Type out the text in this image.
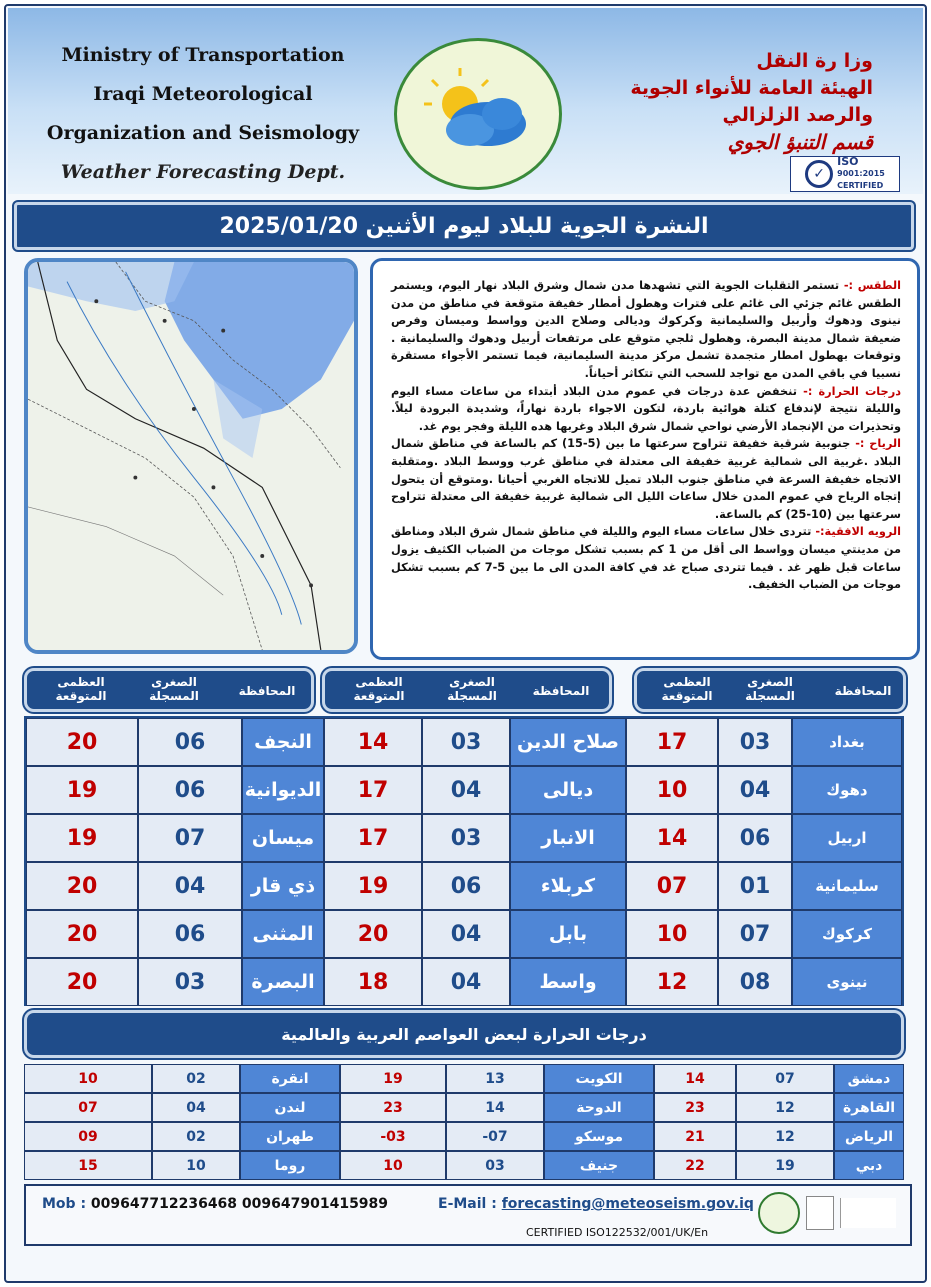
Ministry of Transportation
Iraqi Meteorological
Organization and Seismology
Weather Forecasting Dept.
وزا رة النقل
الهيئة العامة للأنواء الجوية
والرصد الزلزالي
قسم التنبؤ الجوي
✓
ISO
9001:2015
CERTIFIED
النشرة الجوية للبلاد ليوم الأثنين 2025/01/20

الطقس :- تستمر التقلبات الجوية التي تشهدها مدن شمال وشرق البلاد نهار اليوم، ويستمر الطقس غائم جزئي الى غائم على فترات وهطول أمطار خفيفة متوقعة في مناطق من مدن نينوى ودهوك وأربيل والسليمانية وكركوك وديالى وصلاح الدين وواسط وميسان وفرص ضعيفة شمال مدينة البصرة. وهطول ثلجي متوقع على مرتفعات أربيل ودهوك والسليمانية . وتوقعات بهطول امطار متجمدة تشمل مركز مدينة السليمانية، فيما تستمر الأجواء مستقرة نسبيا في باقي المدن مع تواجد للسحب التي تتكاثر أحياناً.

درجات الحرارة :- تنخفض عدة درجات في عموم مدن البلاد أبتداء من ساعات مساء اليوم والليلة نتيجة لإندفاع كتلة هوائية باردة، لتكون الاجواء باردة نهاراً، وشديدة البرودة ليلاً. وتحذيرات من الإنجماد الأرضي نواحي شمال شرق البلاد وغربها هده الليلة وفجر يوم غد.

الرياح :- جنوبية شرقية خفيفة تتراوح سرعتها ما بين (5-15) كم بالساعة في مناطق شمال البلاد .غربية الى شمالية غربية خفيفة الى معتدلة في مناطق غرب ووسط البلاد .ومتقلبة الاتجاه خفيفة السرعة في مناطق جنوب البلاد تميل للاتجاه الغربي أحيانا .ومتوقع أن يتحول إتجاه الرياح في عموم المدن خلال ساعات الليل الى شمالية غربية خفيفة الى معتدلة تتراوح سرعتها بين (10-25) كم بالساعة.

الرويه الافقية:- تتردى خلال ساعات مساء اليوم والليلة في مناطق شمال شرق البلاد ومناطق من مدينتي ميسان وواسط الى أقل من 1 كم بسبب تشكل موجات من الضباب الكثيف يزول ساعات قبل ظهر غد . فيما تتردى صباح غد في كافة المدن الى ما بين 5-7 كم بسبب تشكل موجات من الضباب الخفيف.

المحافظة
الصغرى المسجلة
العظمى المتوقعة	المحافظة
الصغرى المسجلة
العظمى المتوقعة	المحافظة
الصغرى المسجلة
العظمى المتوقعة
20	06	النجف
19	06	الديوانية
19	07	ميسان
20	04	ذي قار
20	06	المثنى
20	03	البصرة
14	03	صلاح الدين
17	04	ديالى
17	03	الانبار
19	06	كربلاء
20	04	بابل
18	04	واسط
17	03	بغداد
10	04	دهوك
14	06	اربيل
07	01	سليمانية
10	07	كركوك
12	08	نينوى
درجات الحرارة لبعض العواصم العربية والعالمية
10	02	انقرة
07	04	لندن
09	02	طهران
15	10	روما
19	13	الكويت
23	14	الدوحة
-03	-07	موسكو
10	03	جنيف
14	07	دمشق
23	12	القاهرة
21	12	الرياض
22	19	دبي
Mob : 009647712236468 009647901415989	E-Mail : forecasting@meteoseism.gov.iq
CERTIFIED ISO122532/001/UK/En
